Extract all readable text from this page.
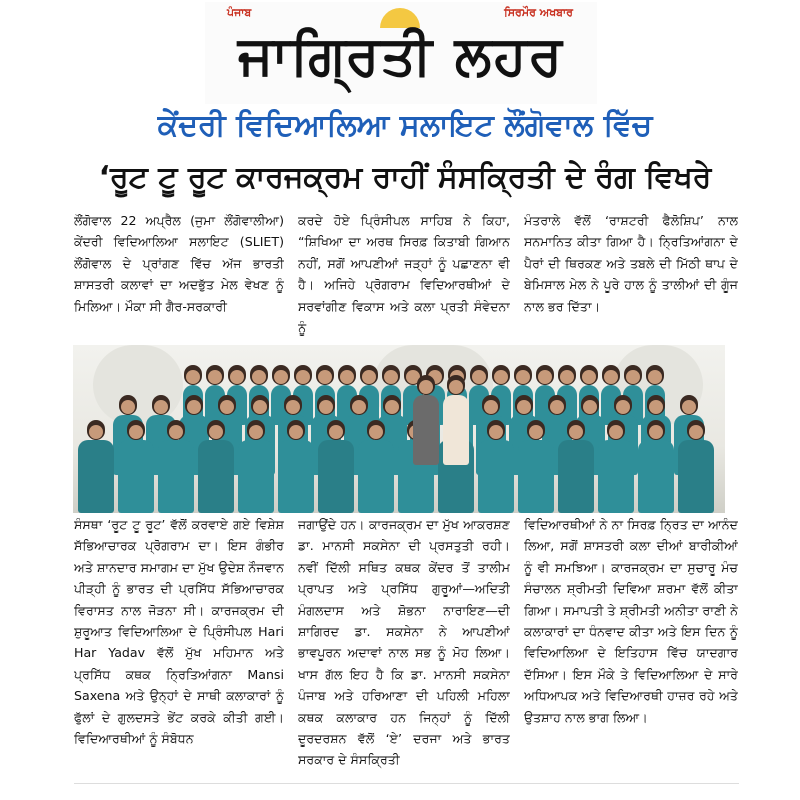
ਪੰਜਾਬ	ਸਿਰਮੌਰ ਅਖਬਾਰ
ਜਾਗ੍ਰਿਤੀ ਲਹਰ
ਕੇਂਦਰੀ ਵਿਦਿਆਲਿਆ ਸਲਾਇਟ ਲੌਂਗੋਵਾਲ ਵਿੱਚ
‘ਰੂਟ ਟੂ ਰੂਟ ਕਾਰਜਕ੍ਰਮ ਰਾਹੀਂ ਸੰਸਕ੍ਰਿਤੀ ਦੇ ਰੰਗ ਵਿਖਰੇ

ਲੌਂਗੋਵਾਲ 22 ਅਪ੍ਰੈਲ (ਜੁਮਾ ਲੌਂਗੋਵਾਲੀਆ) ਕੇਂਦਰੀ ਵਿਦਿਆਲਿਆ ਸਲਾਇਟ (SLIET) ਲੌਂਗੋਵਾਲ ਦੇ ਪ੍ਰਾਂਗਣ ਵਿੱਚ ਅੱਜ ਭਾਰਤੀ ਸ਼ਾਸਤਰੀ ਕਲਾਵਾਂ ਦਾ ਅਦਭੁੱਤ ਮੇਲ ਵੇਖਣ ਨੂੰ ਮਿਲਿਆ। ਮੌਕਾ ਸੀ ਗੈਰ-ਸਰਕਾਰੀ

ਕਰਦੇ ਹੋਏ ਪ੍ਰਿੰਸੀਪਲ ਸਾਹਿਬ ਨੇ ਕਿਹਾ, “ਸ਼ਿਖਿਆ ਦਾ ਅਰਥ ਸਿਰਫ਼ ਕਿਤਾਬੀ ਗਿਆਨ ਨਹੀਂ, ਸਗੋਂ ਆਪਣੀਆਂ ਜੜ੍ਹਾਂ ਨੂੰ ਪਛਾਣਨਾ ਵੀ ਹੈ। ਅਜਿਹੇ ਪ੍ਰੋਗਰਾਮ ਵਿਦਿਆਰਥੀਆਂ ਦੇ ਸਰਵਾਂਗੀਣ ਵਿਕਾਸ ਅਤੇ ਕਲਾ ਪ੍ਰਤੀ ਸੰਵੇਦਨਾ ਨੂੰ

ਮੰਤਰਾਲੇ ਵੱਲੋਂ ‘ਰਾਸ਼ਟਰੀ ਫੈਲੋਸ਼ਿਪ’ ਨਾਲ ਸਨਮਾਨਿਤ ਕੀਤਾ ਗਿਆ ਹੈ। ਨ੍ਰਿਤਿਆਂਗਨਾ ਦੇ ਪੈਰਾਂ ਦੀ ਥਿਰਕਣ ਅਤੇ ਤਬਲੇ ਦੀ ਮਿੱਠੀ ਥਾਪ ਦੇ ਬੇਮਿਸਾਲ ਮੇਲ ਨੇ ਪੂਰੇ ਹਾਲ ਨੂੰ ਤਾਲੀਆਂ ਦੀ ਗੂੰਜ ਨਾਲ ਭਰ ਦਿੱਤਾ।

ਸੰਸਥਾ ‘ਰੂਟ ਟੂ ਰੂਟ’ ਵੱਲੋਂ ਕਰਵਾਏ ਗਏ ਵਿਸ਼ੇਸ਼ ਸੱਭਿਆਚਾਰਕ ਪ੍ਰੋਗਰਾਮ ਦਾ। ਇਸ ਗੰਭੀਰ ਅਤੇ ਸ਼ਾਨਦਾਰ ਸਮਾਗਮ ਦਾ ਮੁੱਖ ਉਦੇਸ਼ ਨੌਜਵਾਨ ਪੀੜ੍ਹੀ ਨੂੰ ਭਾਰਤ ਦੀ ਪ੍ਰਸਿੱਧ ਸੱਭਿਆਚਾਰਕ ਵਿਰਾਸਤ ਨਾਲ ਜੋੜਨਾ ਸੀ। ਕਾਰਜਕ੍ਰਮ ਦੀ ਸ਼ੁਰੂਆਤ ਵਿਦਿਆਲਿਆ ਦੇ ਪ੍ਰਿੰਸੀਪਲ Hari Har Yadav ਵੱਲੋਂ ਮੁੱਖ ਮਹਿਮਾਨ ਅਤੇ ਪ੍ਰਸਿੱਧ ਕਥਕ ਨ੍ਰਿਤਿਆਂਗਨਾ Mansi Saxena ਅਤੇ ਉਨ੍ਹਾਂ ਦੇ ਸਾਥੀ ਕਲਾਕਾਰਾਂ ਨੂੰ ਫੁੱਲਾਂ ਦੇ ਗੁਲਦਸਤੇ ਭੇਂਟ ਕਰਕੇ ਕੀਤੀ ਗਈ। ਵਿਦਿਆਰਥੀਆਂ ਨੂੰ ਸੰਬੋਧਨ

ਜਗਾਉਂਦੇ ਹਨ। ਕਾਰਜਕ੍ਰਮ ਦਾ ਮੁੱਖ ਆਕਰਸ਼ਣ ਡਾ. ਮਾਨਸੀ ਸਕਸੇਨਾ ਦੀ ਪ੍ਰਸਤੁਤੀ ਰਹੀ। ਨਵੀਂ ਦਿੱਲੀ ਸਥਿਤ ਕਥਕ ਕੇਂਦਰ ਤੋਂ ਤਾਲੀਮ ਪ੍ਰਾਪਤ ਅਤੇ ਪ੍ਰਸਿੱਧ ਗੁਰੂਆਂ—ਅਦਿਤੀ ਮੰਗਲਦਾਸ ਅਤੇ ਸ਼ੋਭਨਾ ਨਾਰਾਇਣ—ਦੀ ਸ਼ਾਗਿਰਦ ਡਾ. ਸਕਸੇਨਾ ਨੇ ਆਪਣੀਆਂ ਭਾਵਪੂਰਨ ਅਦਾਵਾਂ ਨਾਲ ਸਭ ਨੂੰ ਮੋਹ ਲਿਆ। ਖਾਸ ਗੱਲ ਇਹ ਹੈ ਕਿ ਡਾ. ਮਾਨਸੀ ਸਕਸੇਨਾ ਪੰਜਾਬ ਅਤੇ ਹਰਿਆਣਾ ਦੀ ਪਹਿਲੀ ਮਹਿਲਾ ਕਥਕ ਕਲਾਕਾਰ ਹਨ ਜਿਨ੍ਹਾਂ ਨੂੰ ਦਿੱਲੀ ਦੂਰਦਰਸ਼ਨ ਵੱਲੋਂ ‘ਏ’ ਦਰਜਾ ਅਤੇ ਭਾਰਤ ਸਰਕਾਰ ਦੇ ਸੰਸਕ੍ਰਿਤੀ

ਵਿਦਿਆਰਥੀਆਂ ਨੇ ਨਾ ਸਿਰਫ਼ ਨ੍ਰਿਤ ਦਾ ਆਨੰਦ ਲਿਆ, ਸਗੋਂ ਸ਼ਾਸਤਰੀ ਕਲਾ ਦੀਆਂ ਬਾਰੀਕੀਆਂ ਨੂੰ ਵੀ ਸਮਝਿਆ। ਕਾਰਜਕ੍ਰਮ ਦਾ ਸੁਚਾਰੂ ਮੰਚ ਸੰਚਾਲਨ ਸ਼੍ਰੀਮਤੀ ਦਿਵਿਆ ਸ਼ਰਮਾ ਵੱਲੋਂ ਕੀਤਾ ਗਿਆ। ਸਮਾਪਤੀ ਤੇ ਸ਼੍ਰੀਮਤੀ ਅਨੀਤਾ ਰਾਣੀ ਨੇ ਕਲਾਕਾਰਾਂ ਦਾ ਧੰਨਵਾਦ ਕੀਤਾ ਅਤੇ ਇਸ ਦਿਨ ਨੂੰ ਵਿਦਿਆਲਿਆ ਦੇ ਇਤਿਹਾਸ ਵਿੱਚ ਯਾਦਗਾਰ ਦੱਸਿਆ। ਇਸ ਮੌਕੇ ਤੇ ਵਿਦਿਆਲਿਆ ਦੇ ਸਾਰੇ ਅਧਿਆਪਕ ਅਤੇ ਵਿਦਿਆਰਥੀ ਹਾਜ਼ਰ ਰਹੇ ਅਤੇ ਉਤਸ਼ਾਹ ਨਾਲ ਭਾਗ ਲਿਆ।
